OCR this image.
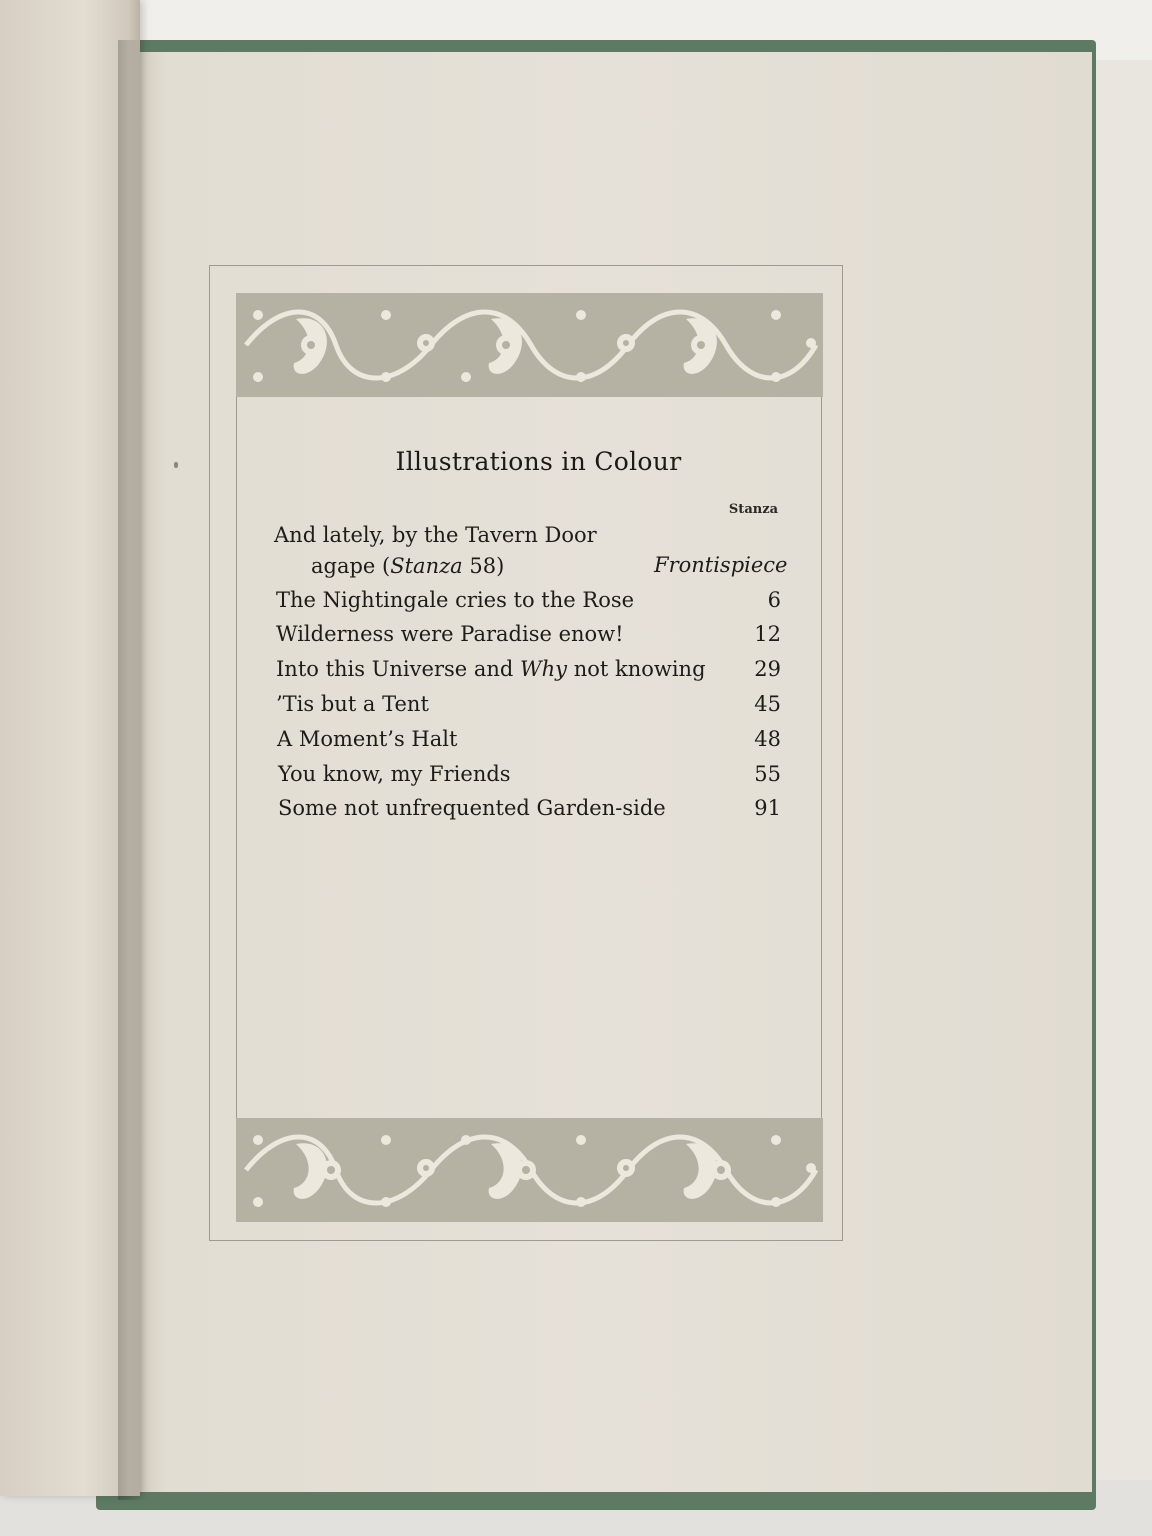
Illustrations in Colour
Stanza
And lately, by the Tavern Door
agape (Stanza 58)	Frontispiece
The Nightingale cries to the Rose	6
Wilderness were Paradise enow!	12
Into this Universe and Why not knowing	29
’Tis but a Tent	45
A Moment’s Halt	48
You know, my Friends	55
Some not unfrequented Garden-side	91
